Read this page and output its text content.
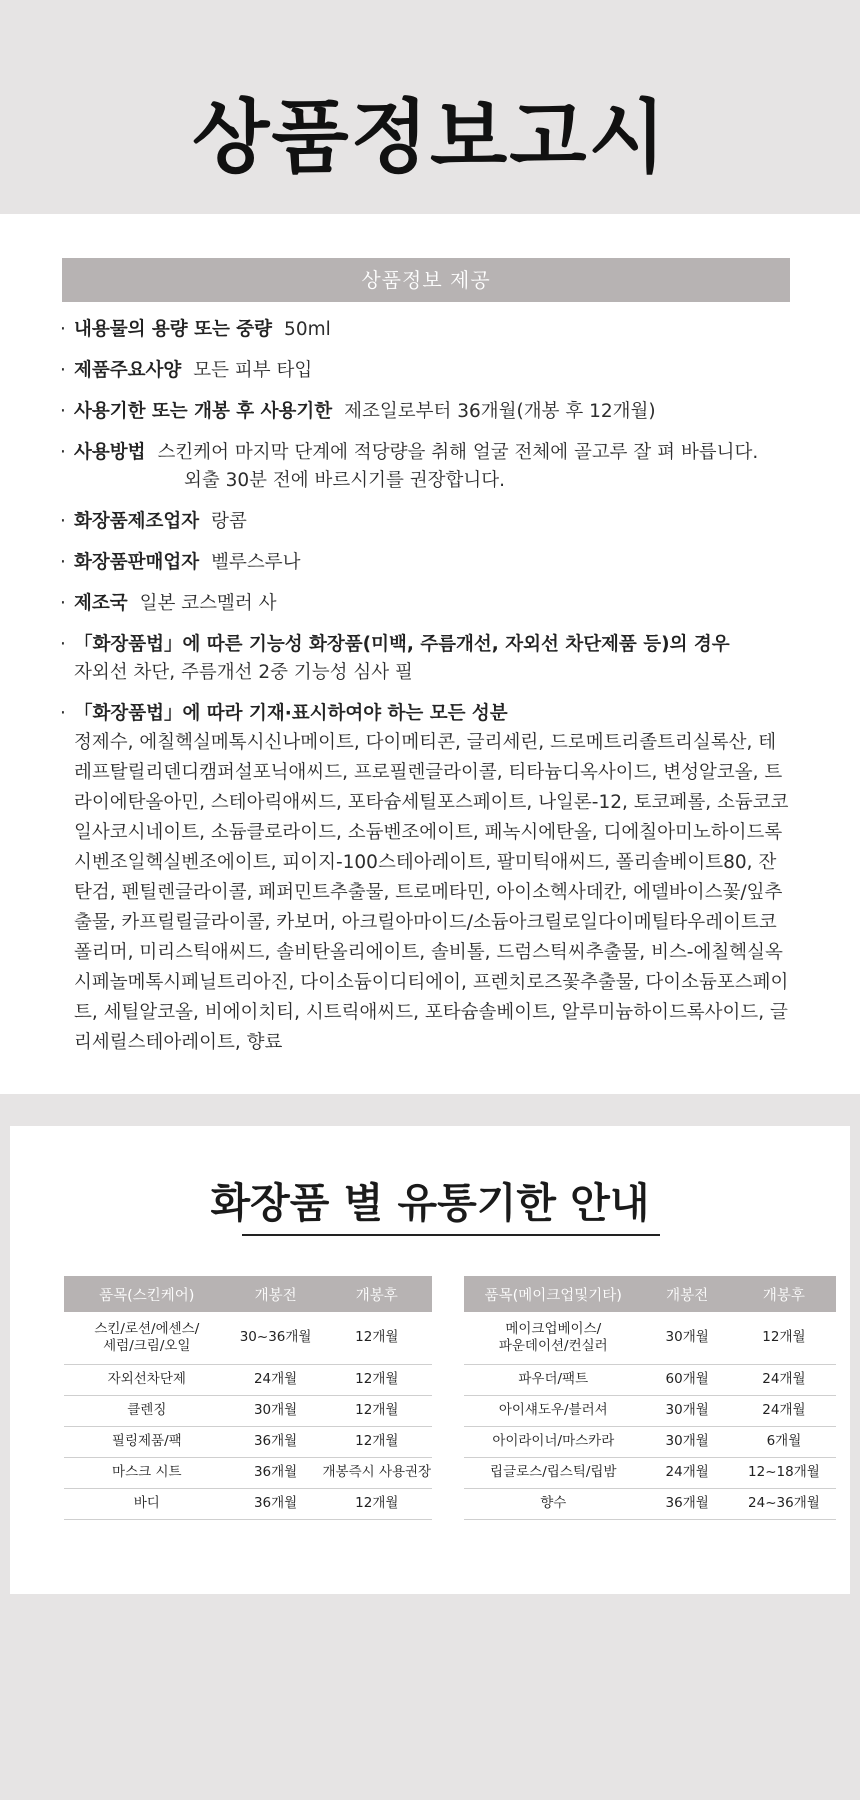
상품정보고시
상품정보 제공
· 내용물의 용량 또는 중량 50ml
· 제품주요사양 모든 피부 타입
· 사용기한 또는 개봉 후 사용기한 제조일로부터 36개월(개봉 후 12개월)
· 사용방법 스킨케어 마지막 단계에 적당량을 취해 얼굴 전체에 골고루 잘 펴 바릅니다.
외출 30분 전에 바르시기를 권장합니다.
· 화장품제조업자 랑콤
· 화장품판매업자 벨루스루나
· 제조국 일본 코스멜러 사
· 「화장품법」에 따른 기능성 화장품(미백, 주름개선, 자외선 차단제품 등)의 경우
자외선 차단, 주름개선 2중 기능성 심사 필
· 「화장품법」에 따라 기재·표시하여야 하는 모든 성분
정제수, 에칠헥실메톡시신나메이트, 다이메티콘, 글리세린, 드로메트리졸트리실록산, 테레프탈릴리덴디캠퍼설포닉애씨드, 프로필렌글라이콜, 티타늄디옥사이드, 변성알코올, 트라이에탄올아민, 스테아릭애씨드, 포타슘세틸포스페이트, 나일론-12, 토코페롤, 소듐코코일사코시네이트, 소듐클로라이드, 소듐벤조에이트, 페녹시에탄올, 디에칠아미노하이드록시벤조일헥실벤조에이트, 피이지-100스테아레이트, 팔미틱애씨드, 폴리솔베이트80, 잔탄검, 펜틸렌글라이콜, 페퍼민트추출물, 트로메타민, 아이소헥사데칸, 에델바이스꽃/잎추출물, 카프릴릴글라이콜, 카보머, 아크릴아마이드/소듐아크릴로일다이메틸타우레이트코폴리머, 미리스틱애씨드, 솔비탄올리에이트, 솔비톨, 드럼스틱씨추출물, 비스-에칠헥실옥시페놀메톡시페닐트리아진, 다이소듐이디티에이, 프렌치로즈꽃추출물, 다이소듐포스페이트, 세틸알코올, 비에이치티, 시트릭애씨드, 포타슘솔베이트, 알루미늄하이드록사이드, 글리세릴스테아레이트, 향료
화장품 별 유통기한 안내
품목(스킨케어)	개봉전	개봉후
스킨/로션/에센스/
세럼/크림/오일	30~36개월	12개월
자외선차단제	24개월	12개월
클렌징	30개월	12개월
필링제품/팩	36개월	12개월
마스크 시트	36개월	개봉즉시 사용권장
바디	36개월	12개월
품목(메이크업및기타)	개봉전	개봉후
메이크업베이스/
파운데이션/컨실러	30개월	12개월
파우더/팩트	60개월	24개월
아이섀도우/블러셔	30개월	24개월
아이라이너/마스카라	30개월	6개월
립글로스/립스틱/립밤	24개월	12~18개월
향수	36개월	24~36개월
